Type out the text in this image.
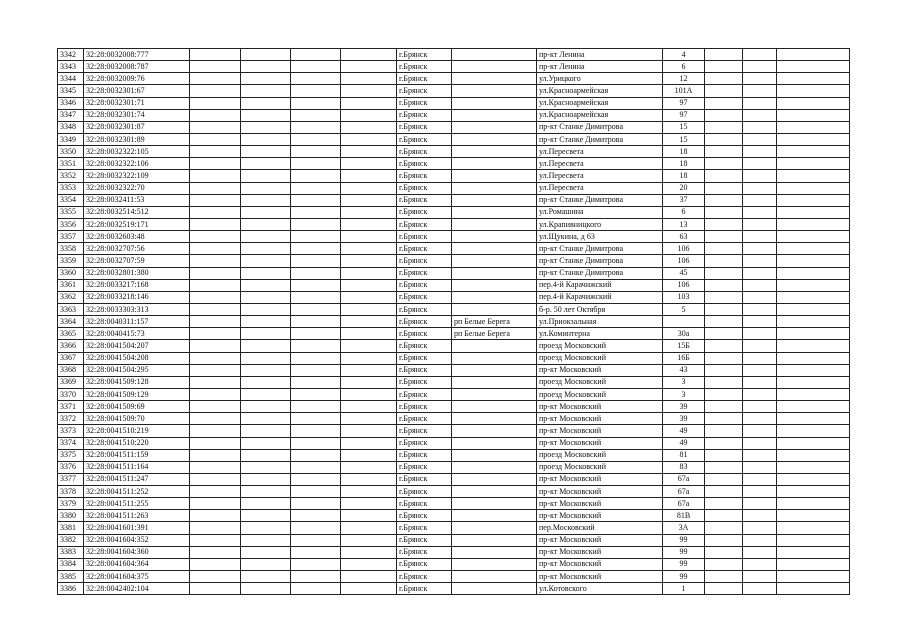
3342	32:28:0032008:777					г.Брянск		пр-кт Ленина	4			
3343	32:28:0032008:787					г.Брянск		пр-кт Ленина	6			
3344	32:28:0032009:76					г.Брянск		ул.Урицкого	12			
3345	32:28:0032301:67					г.Брянск		ул.Красноармейская	101А			
3346	32:28:0032301:71					г.Брянск		ул.Красноармейская	97			
3347	32:28:0032301:74					г.Брянск		ул.Красноармейская	97			
3348	32:28:0032301:87					г.Брянск		пр-кт Станке Димитрова	15			
3349	32:28:0032301:89					г.Брянск		пр-кт Станке Димитрова	15			
3350	32:28:0032322:105					г.Брянск		ул.Пересвета	18			
3351	32:28:0032322:106					г.Брянск		ул.Пересвета	18			
3352	32:28:0032322:109					г.Брянск		ул.Пересвета	18			
3353	32:28:0032322:70					г.Брянск		ул.Пересвета	20			
3354	32:28:0032411:53					г.Брянск		пр-кт Станке Димитрова	37			
3355	32:28:0032514:512					г.Брянск		ул.Ромашина	6			
3356	32:28:0032519:171					г.Брянск		ул.Крапивницкого	13			
3357	32:28:0032603:48					г.Брянск		ул.Щукина, д 63	63			
3358	32:28:0032707:56					г.Брянск		пр-кт Станке Димитрова	106			
3359	32:28:0032707:59					г.Брянск		пр-кт Станке Димитрова	106			
3360	32:28:0032801:380					г.Брянск		пр-кт Станке Димитрова	45			
3361	32:28:0033217:168					г.Брянск		пер.4-й Карачижский	106			
3362	32:28:0033218:146					г.Брянск		пер.4-й Карачижский	103			
3363	32:28:0033303:313					г.Брянск		б-р. 50 лет Октября	5			
3364	32:28:0040311:157					г.Брянск	рп Белые Берега	ул.Приокзальная				
3365	32:28:0040415:73					г.Брянск	рп Белые Берега	ул.Коминтерна	30а			
3366	32:28:0041504:207					г.Брянск		проезд Московский	15Б			
3367	32:28:0041504:208					г.Брянск		проезд Московский	16Б			
3368	32:28:0041504:295					г.Брянск		пр-кт Московский	43			
3369	32:28:0041509:128					г.Брянск		проезд Московский	3			
3370	32:28:0041509:129					г.Брянск		проезд Московский	3			
3371	32:28:0041509:69					г.Брянск		пр-кт Московский	39			
3372	32:28:0041509:70					г.Брянск		пр-кт Московский	39			
3373	32:28:0041510:219					г.Брянск		пр-кт Московский	49			
3374	32:28:0041510:220					г.Брянск		пр-кт Московский	49			
3375	32:28:0041511:159					г.Брянск		проезд Московский	81			
3376	32:28:0041511:164					г.Брянск		проезд Московский	83			
3377	32:28:0041511:247					г.Брянск		пр-кт Московский	67а			
3378	32:28:0041511:252					г.Брянск		пр-кт Московский	67а			
3379	32:28:0041511:255					г.Брянск		пр-кт Московский	67а			
3380	32:28:0041511:263					г.Брянск		пр-кт Московский	81В			
3381	32:28:0041601:391					г.Брянск		пер.Московский	3А			
3382	32:28:0041604:352					г.Брянск		пр-кт Московский	99			
3383	32:28:0041604:360					г.Брянск		пр-кт Московский	99			
3384	32:28:0041604:364					г.Брянск		пр-кт Московский	99			
3385	32:28:0041604:375					г.Брянск		пр-кт Московский	99			
3386	32:28:0042402:104					г.Брянск		ул.Котовского	1			
